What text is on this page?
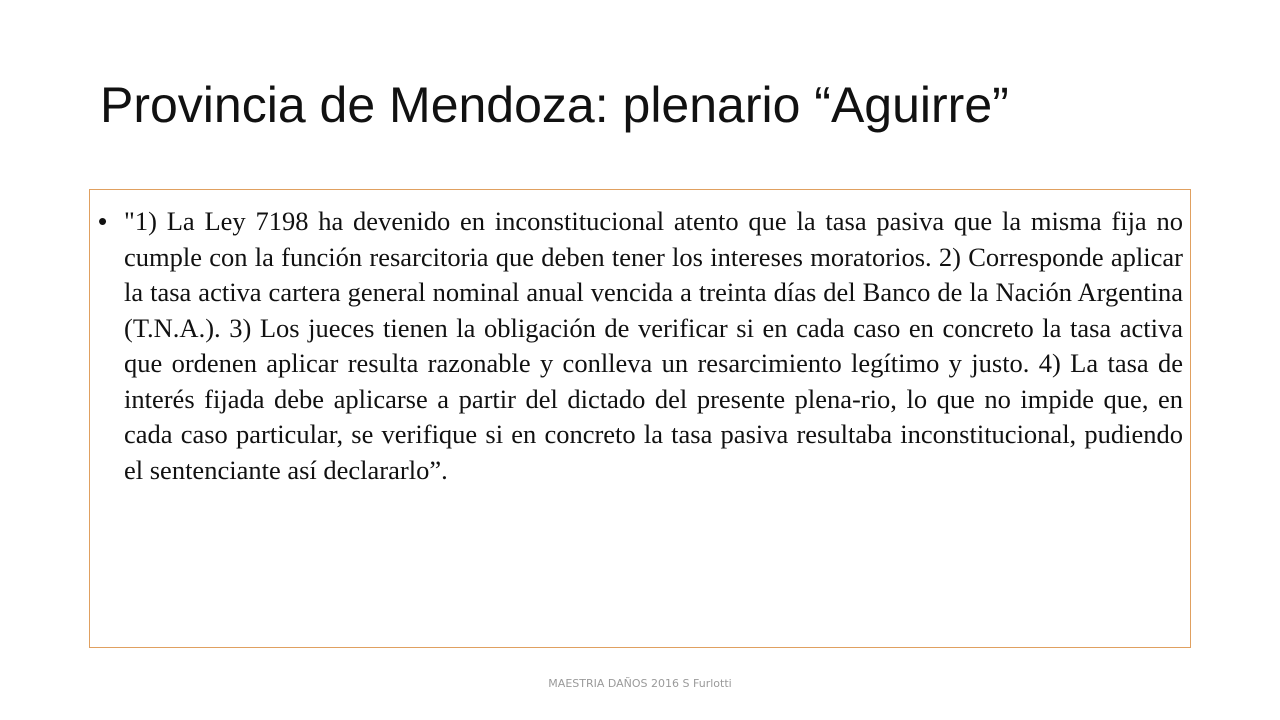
Provincia de Mendoza: plenario “Aguirre”
• "1) La Ley 7198 ha devenido en inconstitucional atento que la tasa pasiva que la misma fija no cumple con la función resarcitoria que deben tener los intereses moratorios. 2) Corresponde aplicar la tasa activa cartera general nominal anual vencida a treinta días del Banco de la Nación Argentina (T.N.A.). 3) Los jueces tienen la obligación de verificar si en cada caso en concreto la tasa activa que ordenen aplicar resulta razonable y conlleva un resarcimiento legítimo y justo. 4) La tasa de interés fijada debe aplicarse a partir del dictado del presente plena-rio, lo que no impide que, en cada caso particular, se verifique si en concreto la tasa pasiva resultaba inconstitucional, pudiendo el sentenciante así declararlo”.

MAESTRIA DAÑOS 2016 S Furlotti
